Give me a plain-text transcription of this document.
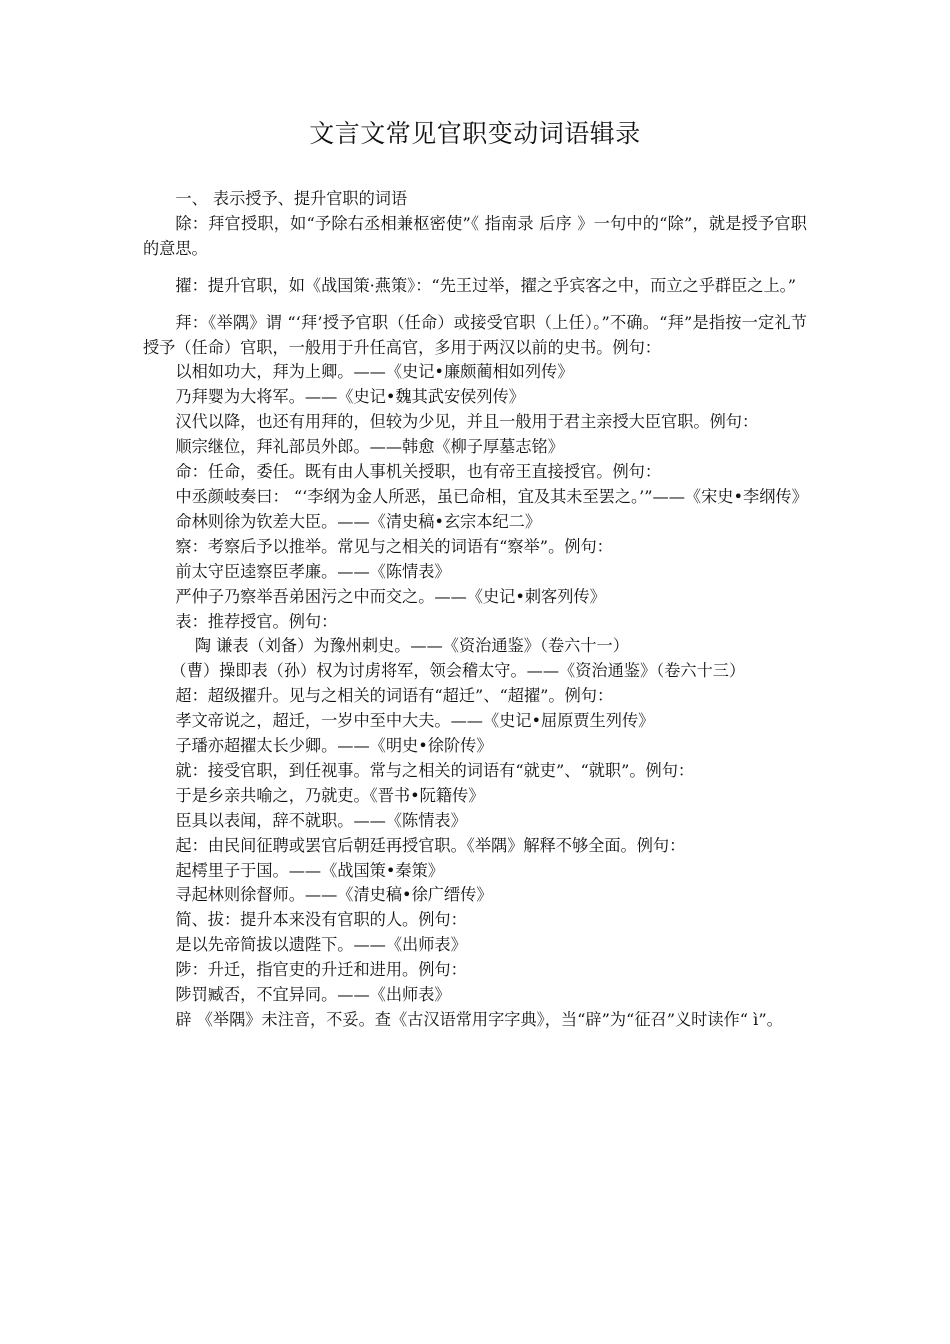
文言文常见官职变动词语辑录

一、 表示授予、提升官职的词语

除：拜官授职，如“予除右丞相兼枢密使”《 指南录 后序 》一句中的“除”，就是授予官职的意思。

擢：提升官职，如《战国策·燕策》：“先王过举，擢之乎宾客之中，而立之乎群臣之上。”

拜：《举隅》谓 “‘拜’授予官职（任命）或接受官职（上任）。”不确。“拜”是指按一定礼节授予（任命）官职，一般用于升任高官，多用于两汉以前的史书。例句：

以相如功大，拜为上卿。——《史记•廉颇蔺相如列传》

乃拜婴为大将军。——《史记•魏其武安侯列传》

汉代以降，也还有用拜的，但较为少见，并且一般用于君主亲授大臣官职。例句：

顺宗继位，拜礼部员外郎。——韩愈《柳子厚墓志铭》

命：任命，委任。既有由人事机关授职，也有帝王直接授官。例句：

中丞颜岐奏曰： “‘李纲为金人所恶，虽已命相，宜及其未至罢之。’”——《宋史•李纲传》

命林则徐为钦差大臣。——《清史稿•玄宗本纪二》

察：考察后予以推举。常见与之相关的词语有“察举”。例句：

前太守臣逵察臣孝廉。——《陈情表》

严仲子乃察举吾弟困污之中而交之。——《史记•刺客列传》

表：推荐授官。例句：

陶 谦表（刘备）为豫州刺史。——《资治通鉴》（卷六十一）

（曹）操即表（孙）权为讨虏将军，领会稽太守。——《资治通鉴》（卷六十三）

超：超级擢升。见与之相关的词语有“超迁”、“超擢”。例句：

孝文帝说之，超迁，一岁中至中大夫。——《史记•屈原贾生列传》

子璠亦超擢太长少卿。——《明史•徐阶传》

就：接受官职，到任视事。常与之相关的词语有“就吏”、“就职”。例句：

于是乡亲共喻之，乃就吏。《晋书•阮籍传》

臣具以表闻，辞不就职。——《陈情表》

起：由民间征聘或罢官后朝廷再授官职。《举隅》解释不够全面。例句：

起樗里子于国。——《战国策•秦策》

寻起林则徐督师。——《清史稿•徐广缙传》

简、拔：提升本来没有官职的人。例句：

是以先帝简拔以遗陛下。——《出师表》

陟：升迁，指官吏的升迁和进用。例句：

陟罚臧否，不宜异同。——《出师表》

辟 《举隅》未注音，不妥。查《古汉语常用字字典》，当“辟”为“征召”义时读作“ ì”。
